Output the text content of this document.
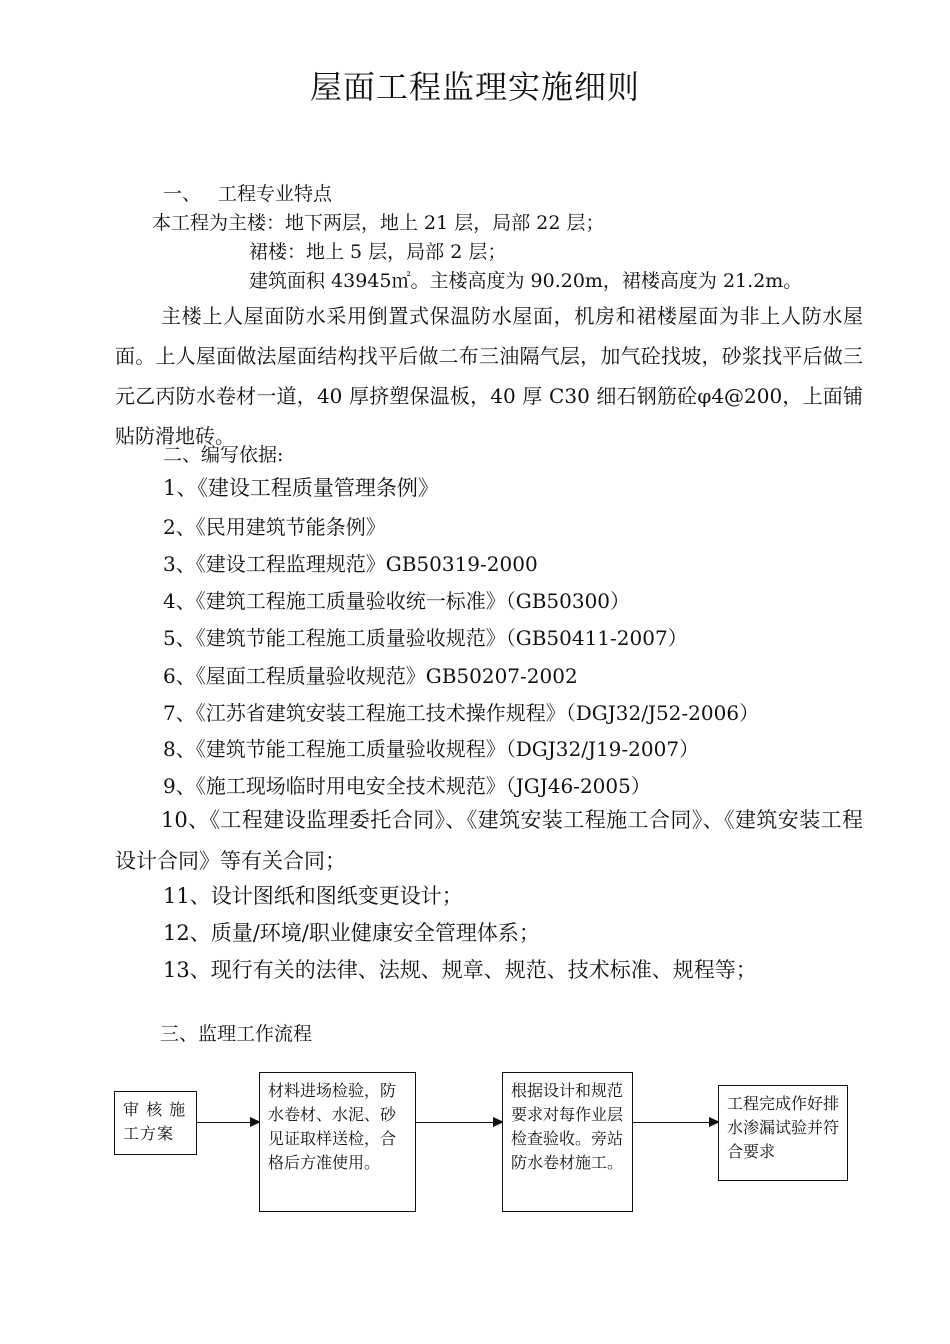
屋面工程监理实施细则
一、 工程专业特点
本工程为主楼：地下两层，地上 21 层，局部 22 层；
裙楼：地上 5 层，局部 2 层；
建筑面积 43945㎡。主楼高度为 90.20m，裙楼高度为 21.2m。
主楼上人屋面防水采用倒置式保温防水屋面，机房和裙楼屋面为非上人防水屋面。上人屋面做法屋面结构找平后做二布三油隔气层，加气砼找坡，砂浆找平后做三元乙丙防水卷材一道，40 厚挤塑保温板，40 厚 C30 细石钢筋砼φ4@200，上面铺贴防滑地砖。
二、编写依据:
1、《建设工程质量管理条例》
2、《民用建筑节能条例》
3、《建设工程监理规范》GB50319-2000
4、《建筑工程施工质量验收统一标准》（GB50300）
5、《建筑节能工程施工质量验收规范》（GB50411-2007）
6、《屋面工程质量验收规范》GB50207-2002
7、《江苏省建筑安装工程施工技术操作规程》（DGJ32/J52-2006）
8、《建筑节能工程施工质量验收规程》（DGJ32/J19-2007）
9、《施工现场临时用电安全技术规范》（JGJ46-2005）
10、《工程建设监理委托合同》、《建筑安装工程施工合同》、《建筑安装工程设计合同》等有关合同；
11、设计图纸和图纸变更设计；
12、质量/环境/职业健康安全管理体系；
13、现行有关的法律、法规、规章、规范、技术标准、规程等；
三、监理工作流程
审 核 施 工方案
材料进场检验，防水卷材、水泥、砂见证取样送检，合格后方准使用。
根据设计和规范要求对每作业层检查验收。旁站防水卷材施工。
工程完成作好排水渗漏试验并符合要求
